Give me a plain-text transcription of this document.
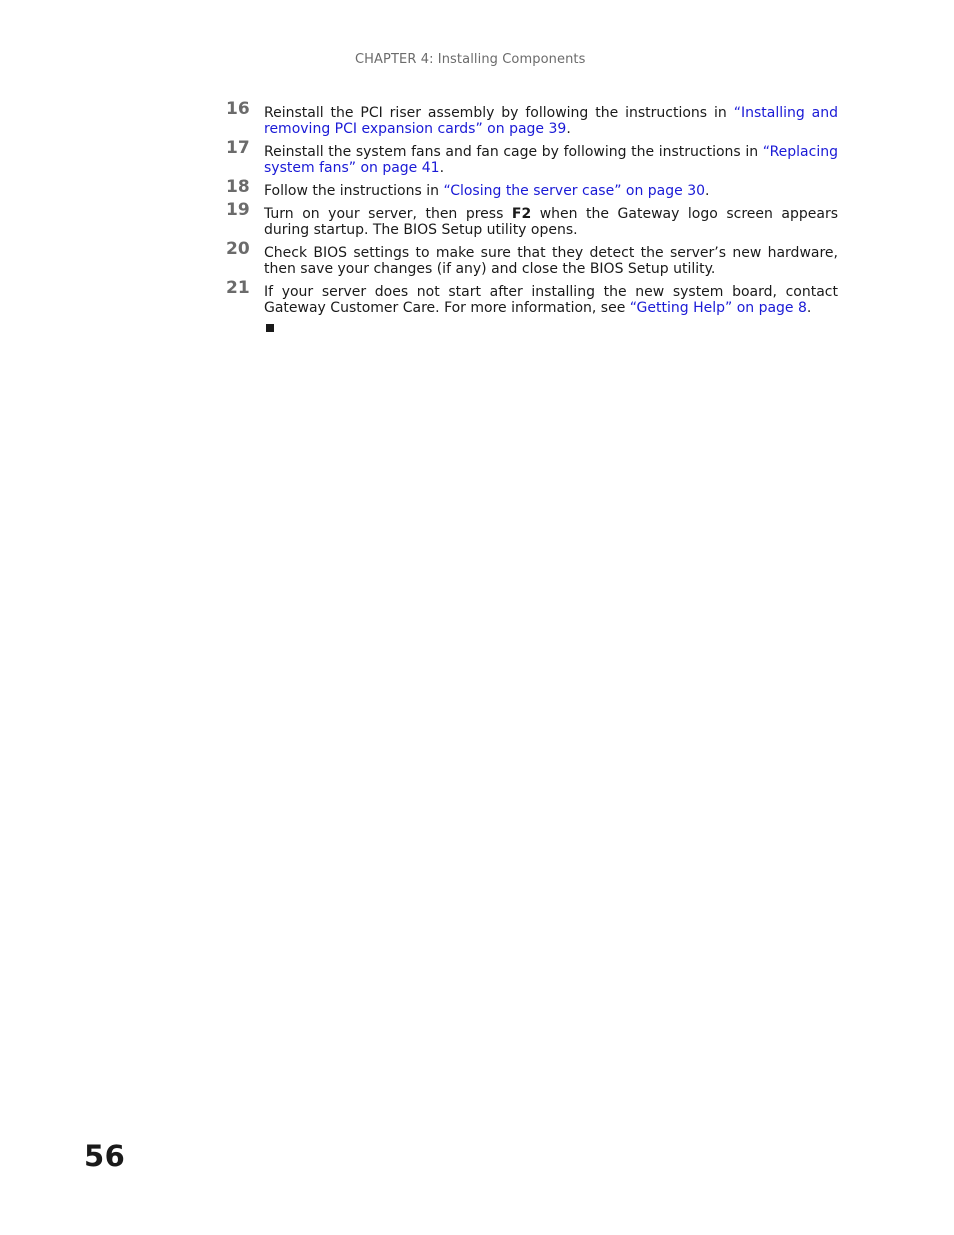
CHAPTER 4: Installing Components
16 Reinstall the PCI riser assembly by following the instructions in “Installing and removing PCI expansion cards” on page 39.
17 Reinstall the system fans and fan cage by following the instructions in “Replacing system fans” on page 41.
18 Follow the instructions in “Closing the server case” on page 30.
19 Turn on your server, then press F2 when the Gateway logo screen appears during startup. The BIOS Setup utility opens.
20 Check BIOS settings to make sure that they detect the server’s new hardware, then save your changes (if any) and close the BIOS Setup utility.
21 If your server does not start after installing the new system board, contact Gateway Customer Care. For more information, see “Getting Help” on page 8.
56
